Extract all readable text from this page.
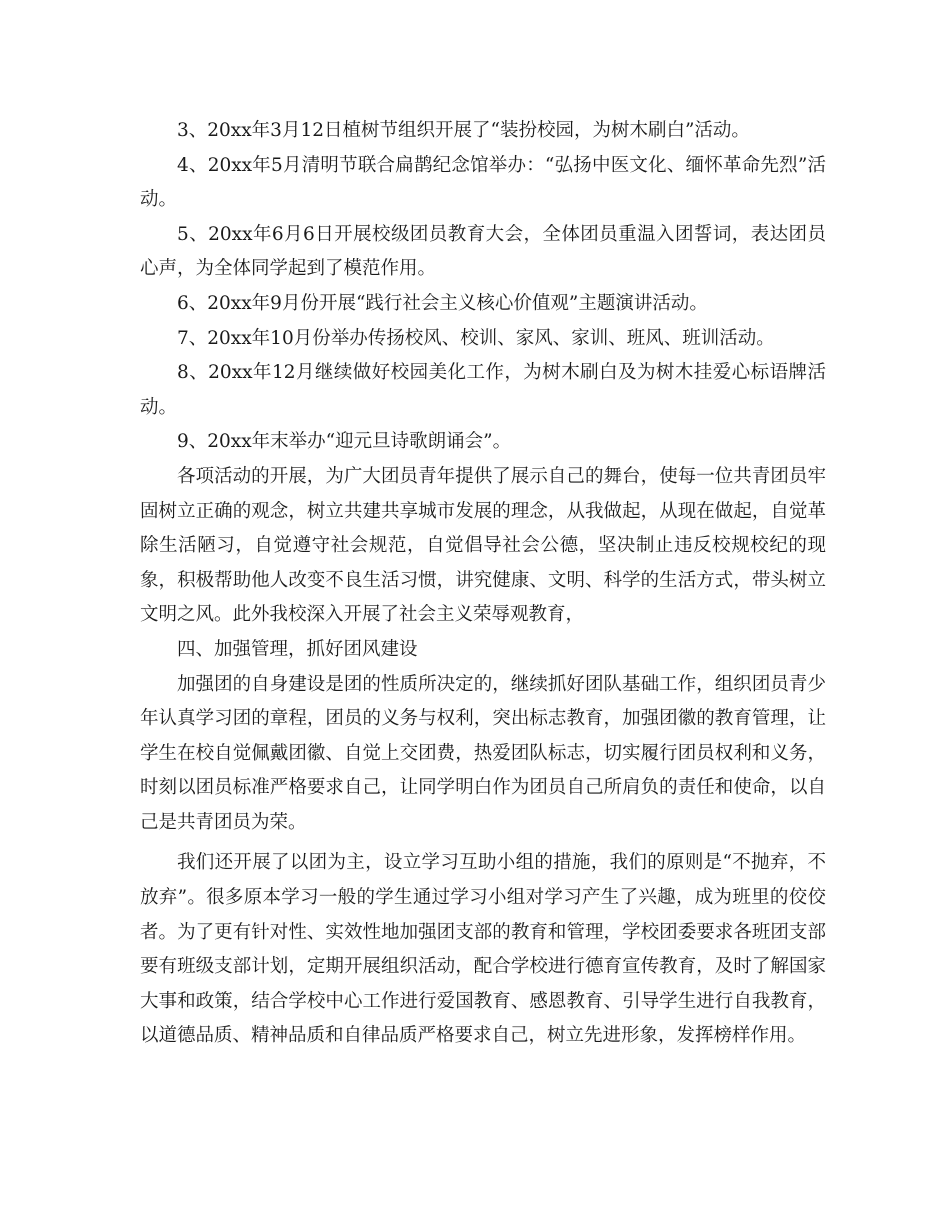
3、20xx年3月12日植树节组织开展了“装扮校园，为树木刷白”活动。

4、20xx年5月清明节联合扁鹊纪念馆举办：“弘扬中医文化、缅怀革命先烈”活动。

5、20xx年6月6日开展校级团员教育大会，全体团员重温入团誓词，表达团员心声，为全体同学起到了模范作用。

6、20xx年9月份开展“践行社会主义核心价值观”主题演讲活动。

7、20xx年10月份举办传扬校风、校训、家风、家训、班风、班训活动。

8、20xx年12月继续做好校园美化工作，为树木刷白及为树木挂爱心标语牌活动。

9、20xx年末举办“迎元旦诗歌朗诵会”。

各项活动的开展，为广大团员青年提供了展示自己的舞台，使每一位共青团员牢固树立正确的观念，树立共建共享城市发展的理念，从我做起，从现在做起，自觉革除生活陋习，自觉遵守社会规范，自觉倡导社会公德，坚决制止违反校规校纪的现象，积极帮助他人改变不良生活习惯，讲究健康、文明、科学的生活方式，带头树立文明之风。此外我校深入开展了社会主义荣辱观教育，

四、加强管理，抓好团风建设

加强团的自身建设是团的性质所决定的，继续抓好团队基础工作，组织团员青少年认真学习团的章程，团员的义务与权利，突出标志教育，加强团徽的教育管理，让学生在校自觉佩戴团徽、自觉上交团费，热爱团队标志，切实履行团员权利和义务，时刻以团员标准严格要求自己，让同学明白作为团员自己所肩负的责任和使命，以自己是共青团员为荣。

我们还开展了以团为主，设立学习互助小组的措施，我们的原则是“不抛弃，不放弃”。很多原本学习一般的学生通过学习小组对学习产生了兴趣，成为班里的佼佼者。为了更有针对性、实效性地加强团支部的教育和管理，学校团委要求各班团支部要有班级支部计划，定期开展组织活动，配合学校进行德育宣传教育，及时了解国家大事和政策，结合学校中心工作进行爱国教育、感恩教育、引导学生进行自我教育，以道德品质、精神品质和自律品质严格要求自己，树立先进形象，发挥榜样作用。
